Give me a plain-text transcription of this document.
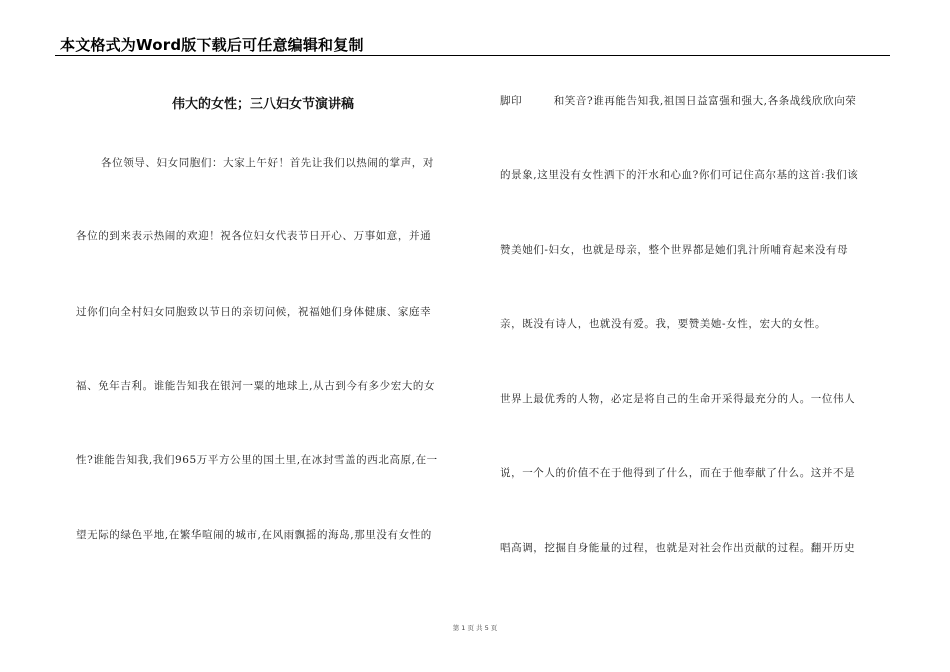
本文格式为Word版下载后可任意编辑和复制
伟大的女性；三八妇女节演讲稿
各位领导、妇女同胞们：大家上午好！首先让我们以热闹的掌声，对
各位的到来表示热闹的欢迎！祝各位妇女代表节日开心、万事如意，并通
过你们向全村妇女同胞致以节日的亲切问候，祝福她们身体健康、家庭幸
福、免年吉利。谁能告知我在银河一粟的地球上,从古到今有多少宏大的女
性?谁能告知我,我们965万平方公里的国土里,在冰封雪盖的西北高原,在一
望无际的绿色平地,在繁华喧闹的城市,在风雨飘摇的海岛,那里没有女性的
脚印        和笑音?谁再能告知我,祖国日益富强和强大,各条战线欣欣向荣
的景象,这里没有女性洒下的汗水和心血?你们可记住高尔基的这首:我们该
赞美她们-妇女，也就是母亲，整个世界都是她们乳汁所哺育起来没有母
亲，既没有诗人，也就没有爱。我，要赞美她-女性，宏大的女性。
世界上最优秀的人物，必定是将自己的生命开采得最充分的人。一位伟人
说，一个人的价值不在于他得到了什么，而在于他奉献了什么。这并不是
唱高调，挖掘自身能量的过程，也就是对社会作出贡献的过程。翻开历史
第 1 页 共 5 页
